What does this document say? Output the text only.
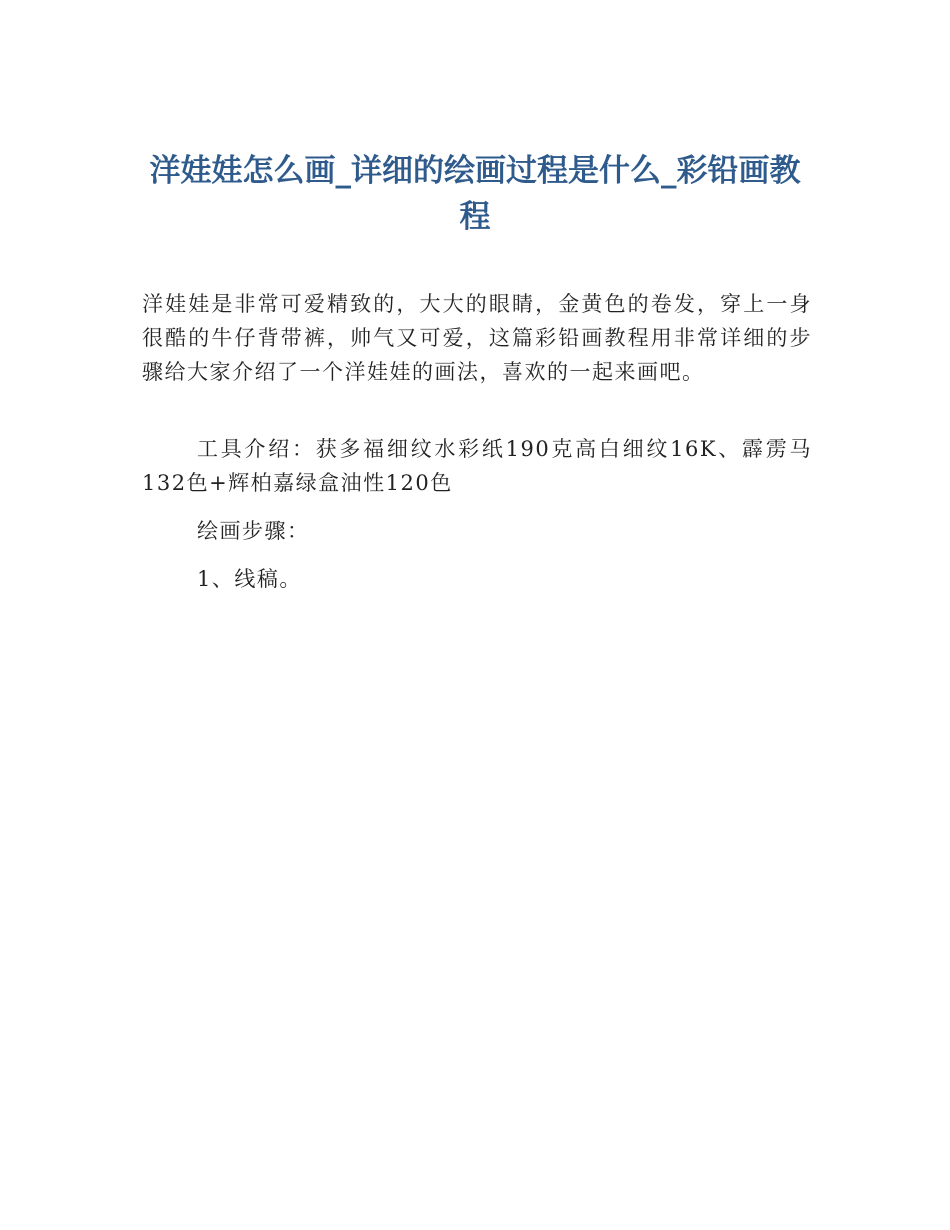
洋娃娃怎么画_详细的绘画过程是什么_彩铅画教程

洋娃娃是非常可爱精致的，大大的眼睛，金黄色的卷发，穿上一身很酷的牛仔背带裤，帅气又可爱，这篇彩铅画教程用非常详细的步骤给大家介绍了一个洋娃娃的画法，喜欢的一起来画吧。

工具介绍：获多福细纹水彩纸190克高白细纹16K、霹雳马132色+辉柏嘉绿盒油性120色

绘画步骤：

1、线稿。
